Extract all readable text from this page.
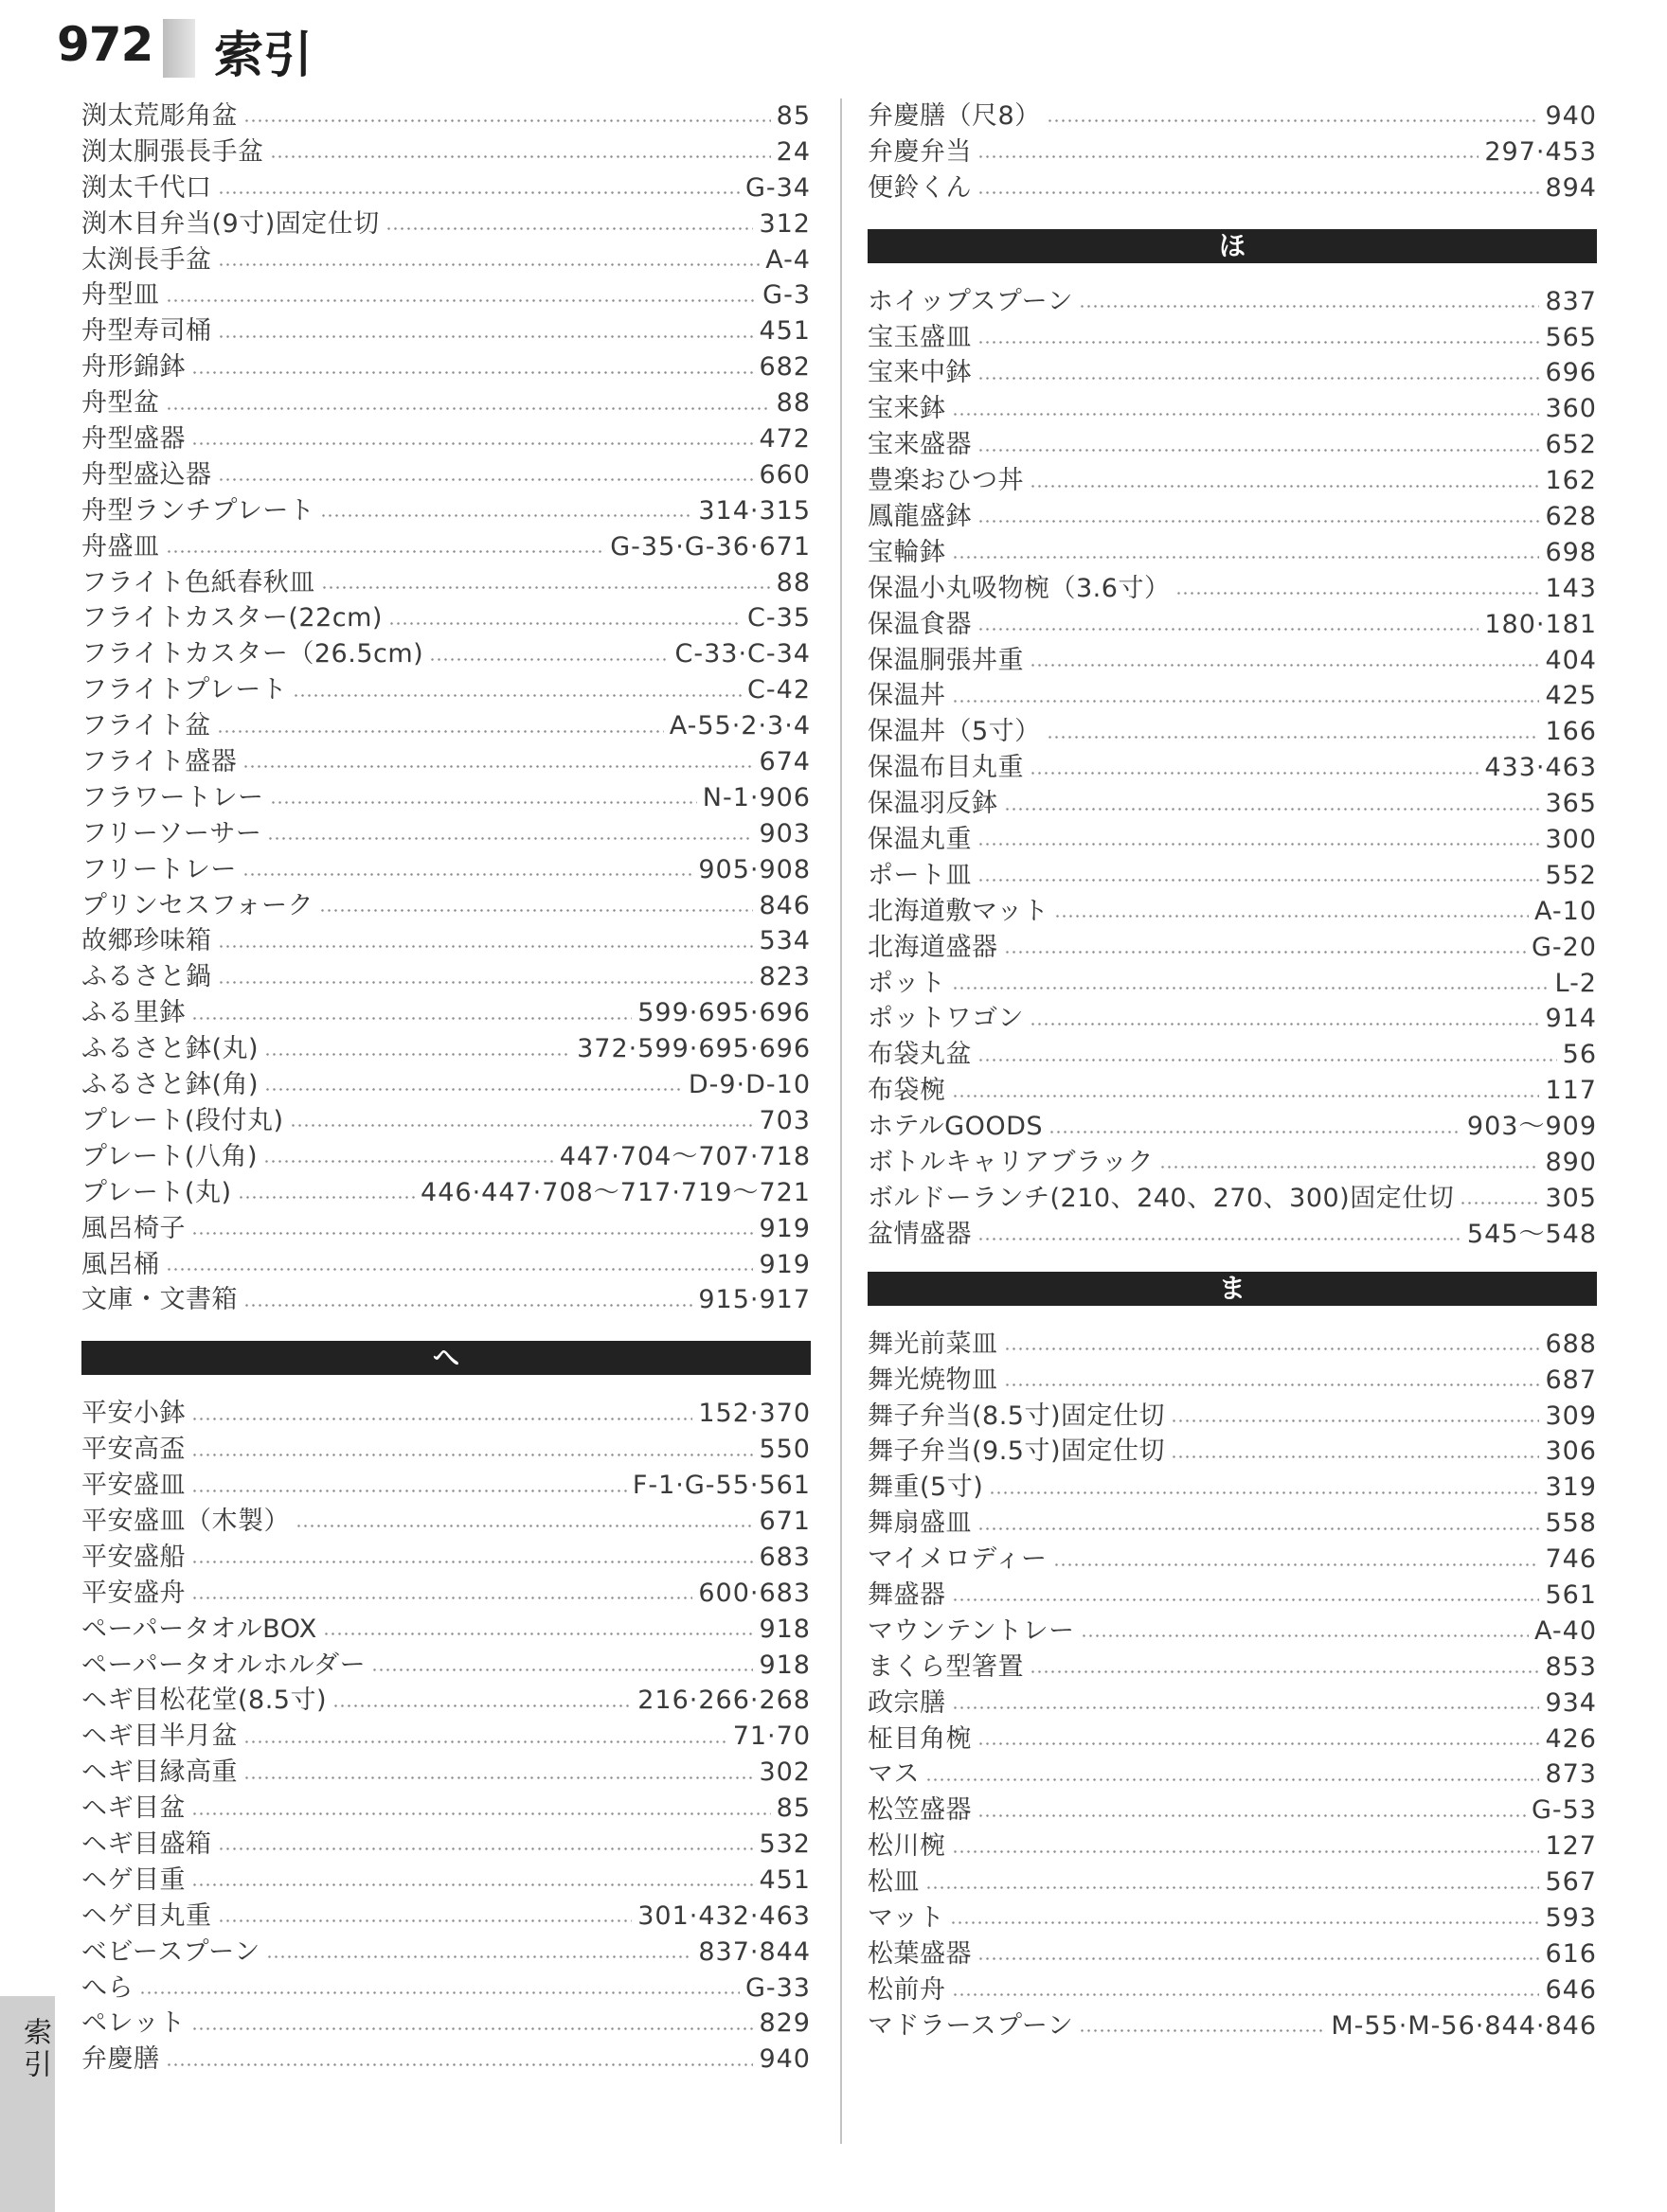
972 索引
渕太荒彫角盆	85
渕太胴張長手盆	24
渕太千代口	G-34
渕木目弁当(9寸)固定仕切	312
太渕長手盆	A-4
舟型皿	G-3
舟型寿司桶	451
舟形錦鉢	682
舟型盆	88
舟型盛器	472
舟型盛込器	660
舟型ランチプレート	314·315
舟盛皿	G-35·G-36·671
フライト色紙春秋皿	88
フライトカスター(22cm)	C-35
フライトカスター（26.5cm)	C-33·C-34
フライトプレート	C-42
フライト盆	A-55·2·3·4
フライト盛器	674
フラワートレー	N-1·906
フリーソーサー	903
フリートレー	905·908
プリンセスフォーク	846
故郷珍味箱	534
ふるさと鍋	823
ふる里鉢	599·695·696
ふるさと鉢(丸)	372·599·695·696
ふるさと鉢(角)	D-9·D-10
プレート(段付丸)	703
プレート(八角)	447·704～707·718
プレート(丸)	446·447·708～717·719～721
風呂椅子	919
風呂桶	919
文庫・文書箱	915·917
へ
平安小鉢	152·370
平安高盃	550
平安盛皿	F-1·G-55·561
平安盛皿（木製）	671
平安盛船	683
平安盛舟	600·683
ペーパータオルBOX	918
ペーパータオルホルダー	918
ヘギ目松花堂(8.5寸)	216·266·268
ヘギ目半月盆	71·70
ヘギ目縁高重	302
ヘギ目盆	85
ヘギ目盛箱	532
ヘゲ目重	451
ヘゲ目丸重	301·432·463
ベビースプーン	837·844
へら	G-33
ペレット	829
弁慶膳	940
弁慶膳（尺8）	940
弁慶弁当	297·453
便鈴くん	894
ほ
ホイップスプーン	837
宝玉盛皿	565
宝来中鉢	696
宝来鉢	360
宝来盛器	652
豊楽おひつ丼	162
鳳龍盛鉢	628
宝輪鉢	698
保温小丸吸物椀（3.6寸）	143
保温食器	180·181
保温胴張丼重	404
保温丼	425
保温丼（5寸）	166
保温布目丸重	433·463
保温羽反鉢	365
保温丸重	300
ポート皿	552
北海道敷マット	A-10
北海道盛器	G-20
ポット	L-2
ポットワゴン	914
布袋丸盆	56
布袋椀	117
ホテルGOODS	903～909
ボトルキャリアブラック	890
ボルドーランチ(210、240、270、300)固定仕切	305
盆情盛器	545～548
ま
舞光前菜皿	688
舞光焼物皿	687
舞子弁当(8.5寸)固定仕切	309
舞子弁当(9.5寸)固定仕切	306
舞重(5寸)	319
舞扇盛皿	558
マイメロディー	746
舞盛器	561
マウンテントレー	A-40
まくら型箸置	853
政宗膳	934
柾目角椀	426
マス	873
松笠盛器	G-53
松川椀	127
松皿	567
マット	593
松葉盛器	616
松前舟	646
マドラースプーン	M-55·M-56·844·846
索引
